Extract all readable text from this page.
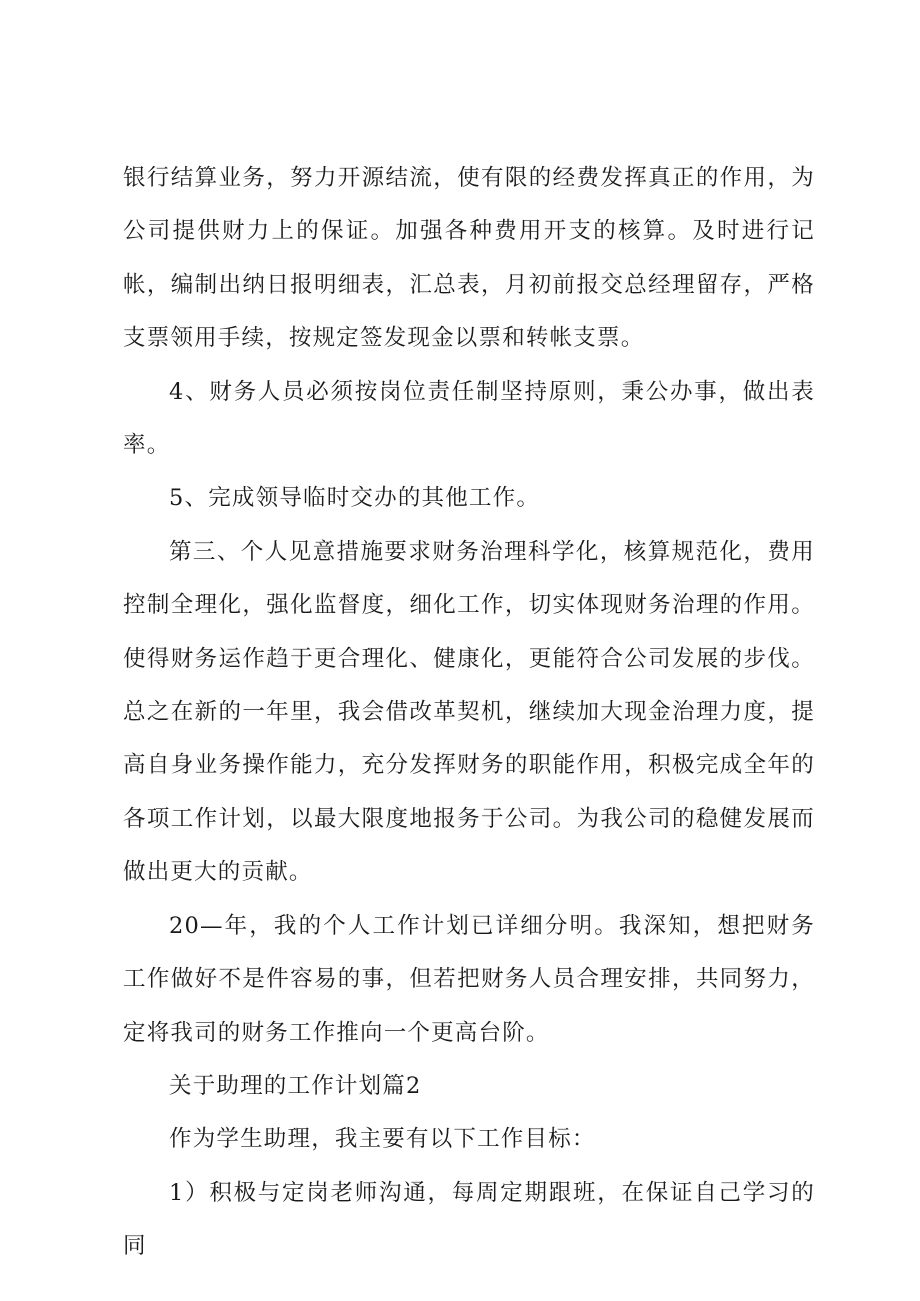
银行结算业务，努力开源结流，使有限的经费发挥真正的作用，为公司提供财力上的保证。加强各种费用开支的核算。及时进行记帐，编制出纳日报明细表，汇总表，月初前报交总经理留存，严格支票领用手续，按规定签发现金以票和转帐支票。

4、财务人员必须按岗位责任制坚持原则，秉公办事，做出表率。

5、完成领导临时交办的其他工作。

第三、个人见意措施要求财务治理科学化，核算规范化，费用控制全理化，强化监督度，细化工作，切实体现财务治理的作用。使得财务运作趋于更合理化、健康化，更能符合公司发展的步伐。总之在新的一年里，我会借改革契机，继续加大现金治理力度，提高自身业务操作能力，充分发挥财务的职能作用，积极完成全年的各项工作计划，以最大限度地报务于公司。为我公司的稳健发展而做出更大的贡献。

20—年，我的个人工作计划已详细分明。我深知，想把财务工作做好不是件容易的事，但若把财务人员合理安排，共同努力，定将我司的财务工作推向一个更高台阶。

关于助理的工作计划篇2

作为学生助理，我主要有以下工作目标：

1）积极与定岗老师沟通，每周定期跟班，在保证自己学习的同
